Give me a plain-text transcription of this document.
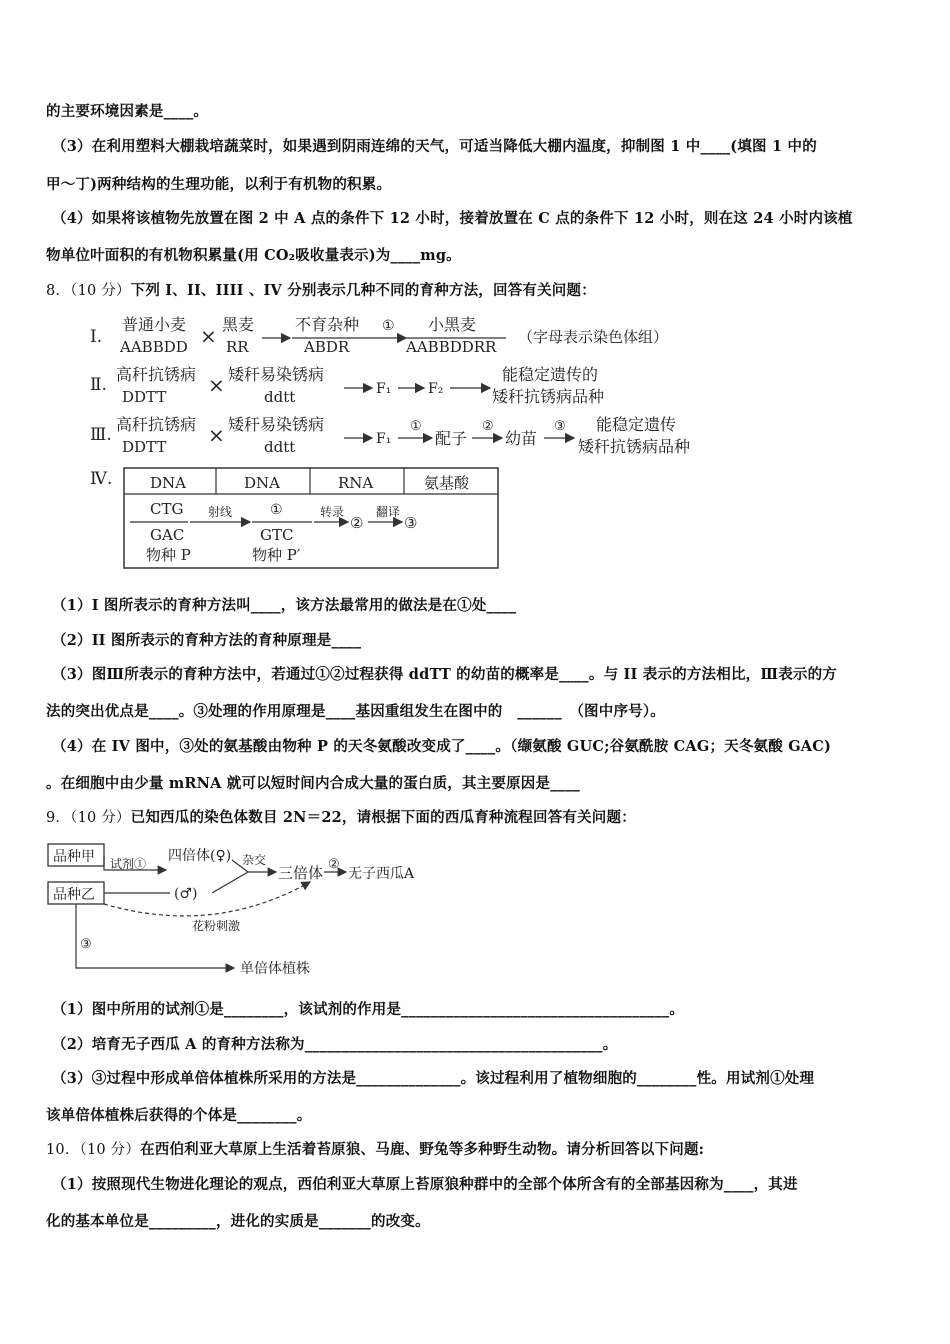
的主要环境因素是____。
（3）在利用塑料大棚栽培蔬菜时，如果遇到阴雨连绵的天气，可适当降低大棚内温度，抑制图 1 中____(填图 1 中的
甲～丁)两种结构的生理功能，以利于有机物的积累。
（4）如果将该植物先放置在图 2 中 A 点的条件下 12 小时，接着放置在 C 点的条件下 12 小时，则在这 24 小时内该植
物单位叶面积的有机物积累量(用 CO₂吸收量表示)为____mg。
8．（10 分）下列 I、II、IIII 、IV 分别表示几种不同的育种方法，回答有关问题：
Ⅰ.
普通小麦
AABBDD × 黑麦
RR
不育杂种
ABDR
① 小黑麦
AABBDDRR
（字母表示染色体组）
Ⅱ.
高秆抗锈病
DDTT × 矮秆易染锈病
ddtt	F₁	F₂
能稳定遗传的
矮秆抗锈病品种
Ⅲ.
高秆抗锈病
DDTT × 矮秆易染锈病
ddtt	F₁
①
配子
②
幼苗
③ 能稳定遗传
矮秆抗锈病品种
Ⅳ.	DNA	DNA	RNA	氨基酸
CTG
GAC
物种 P
射线	①
GTC
物种 P′
转录
②
翻译
③
（1）I 图所表示的育种方法叫____，该方法最常用的做法是在①处____
（2）II 图所表示的育种方法的育种原理是____
（3）图Ⅲ所表示的育种方法中，若通过①②过程获得 ddTT 的幼苗的概率是____。与 II 表示的方法相比，Ⅲ表示的方
法的突出优点是____。③处理的作用原理是____基因重组发生在图中的　______　（图中序号）。
（4）在 IV 图中，③处的氨基酸由物种 P 的天冬氨酸改变成了____。（缬氨酸 GUC;谷氨酰胺 CAG；天冬氨酸 GAC)
。在细胞中由少量 mRNA 就可以短时间内合成大量的蛋白质，其主要原因是____
9．（10 分）已知西瓜的染色体数目 2N＝22，请根据下面的西瓜育种流程回答有关问题：
品种甲
品种乙
试剂① 四倍体(♀)
(♂)
杂交
三倍体 ②
无子西瓜A
花粉刺激
③
单倍体植株
（1）图中所用的试剂①是________，该试剂的作用是____________________________________。
（2）培育无子西瓜 A 的育种方法称为________________________________________。
（3）③过程中形成单倍体植株所采用的方法是______________。该过程利用了植物细胞的________性。用试剂①处理
该单倍体植株后获得的个体是________。
10．（10 分）在西伯利亚大草原上生活着苔原狼、马鹿、野兔等多种野生动物。请分析回答以下问题:
（1）按照现代生物进化理论的观点，西伯利亚大草原上苔原狼种群中的全部个体所含有的全部基因称为____，其进
化的基本单位是_________，进化的实质是_______的改变。
